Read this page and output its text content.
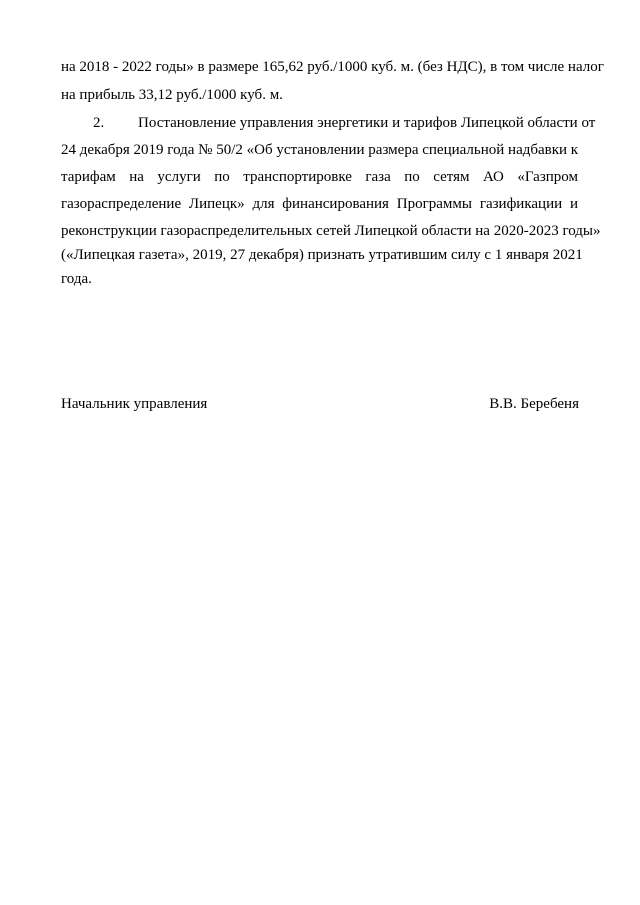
на 2018 - 2022 годы» в размере 165,62 руб./1000 куб. м. (без НДС), в том числе налог
на прибыль 33,12 руб./1000 куб. м.
2. Постановление управления энергетики и тарифов Липецкой области от
24 декабря 2019 года № 50/2 «Об установлении размера специальной надбавки к
тарифам на услуги по транспортировке газа по сетям АО «Газпром
газораспределение Липецк» для финансирования Программы газификации и
реконструкции газораспределительных сетей Липецкой области на 2020-2023 годы»
(«Липецкая газета», 2019, 27 декабря) признать утратившим силу с 1 января 2021
года.
Начальник управления	В.В. Беребеня
